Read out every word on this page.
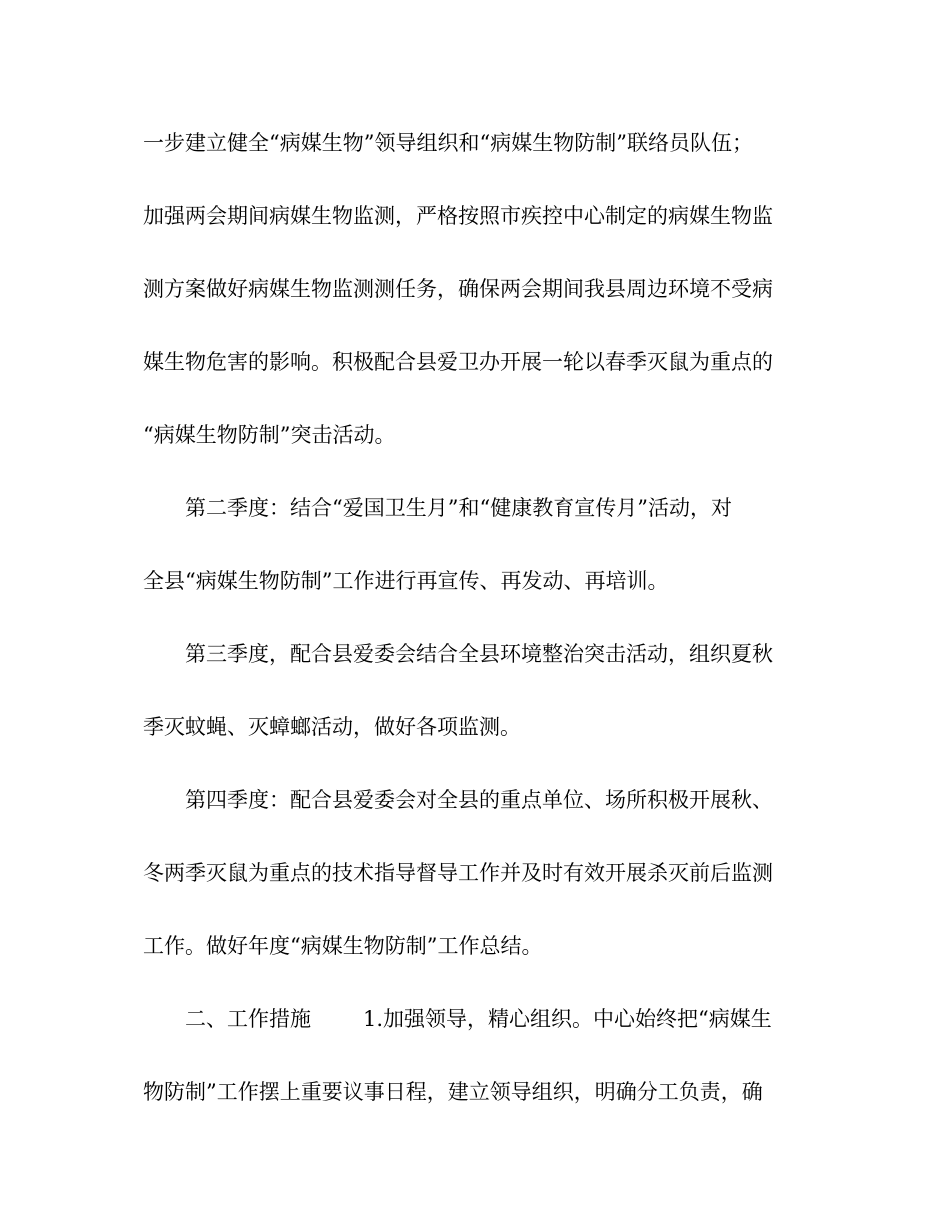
一步建立健全“病媒生物”领导组织和“病媒生物防制”联络员队伍；
加强两会期间病媒生物监测，严格按照市疾控中心制定的病媒生物监
测方案做好病媒生物监测测任务，确保两会期间我县周边环境不受病
媒生物危害的影响。积极配合县爱卫办开展一轮以春季灭鼠为重点的
“病媒生物防制”突击活动。
第二季度：结合“爱国卫生月”和“健康教育宣传月”活动，对
全县“病媒生物防制”工作进行再宣传、再发动、再培训。
第三季度，配合县爱委会结合全县环境整治突击活动，组织夏秋
季灭蚊蝇、灭蟑螂活动，做好各项监测。
第四季度：配合县爱委会对全县的重点单位、场所积极开展秋、
冬两季灭鼠为重点的技术指导督导工作并及时有效开展杀灭前后监测
工作。做好年度“病媒生物防制”工作总结。
二、工作措施 1.加强领导，精心组织。中心始终把“病媒生
物防制”工作摆上重要议事日程，建立领导组织，明确分工负责，确
